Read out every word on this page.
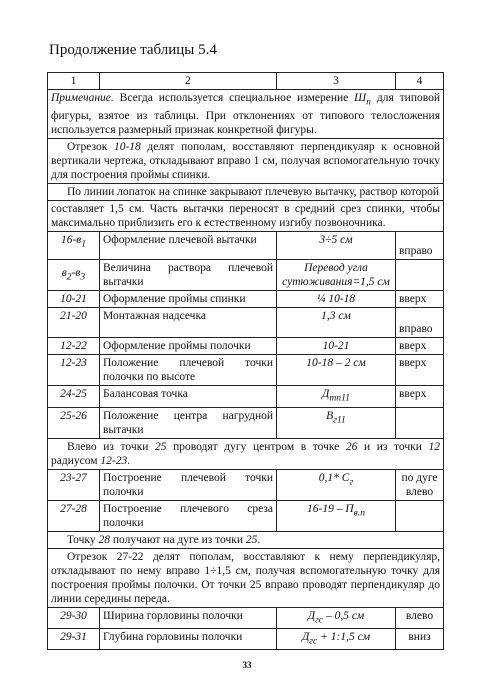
Продолжение таблицы 5.4
1	2	3	4
Примечание. Всегда используется специальное измерение $Ш_п$ для типовой фигуры, взятое из таблицы. При отклонениях от типового телосложения используется размерный признак конкретной фигуры.			
Отрезок 10-18 делят пополам, восставляют перпендикуляр к основной вертикали чертежа, откладывают вправо 1 см, получая вспомогательную точку для построения проймы спинки.			
По линии лопаток на спинке закрывают плечевую вытачку, раствор которой			
составляет 1,5 см. Часть вытачки переносят в средний срез спинки, чтобы максимально приблизить его к естественному изгибу позвоночника.			
$16-в_1$	Оформление плечевой вытачки	3÷5 см	вправо
$в_2-в_3$	Величина раствора плечевой вытачки	Перевод угла сутюживания=1,5 см	
10-21	Оформление проймы спинки	¼ 10-18	вверх
21-20	Монтажная надсечка	1,3 см	вправо
12-22	Оформление проймы полочки	10-21	вверх
12-23	Положение плечевой точки полочки по высоте	10-18 – 2 см	вверх
24-25	Балансовая точка	$Д_{тп11}$	вверх
25-26	Положение центра нагрудной вытачки	$В_{г11}$	
Влево из точки 25 проводят дугу центром в точке 26 и из точки 12 радиусом 12-23.			
23-27	Построение плечевой точки полочки	0,1* $С_г$	по дуге влево
27-28	Построение плечевого среза полочки	$16-19 - П_{в.п}$	
Точку 28 получают на дуге из точки 25.			
Отрезок 27-22 делят пополам, восставляют к нему перпендикуляр, откладывают по нему вправо 1÷1,5 см, получая вспомогательную точку для построения проймы полочки. От точки 25 вправо проводят перпендикуляр до линии середины переда.			
29-30	Ширина горловины полочки	$Д_{гс} - 0,5$ см	влево
29-31	Глубина горловины полочки	$Д_{гс}$ + 1:1,5 см	вниз
33
